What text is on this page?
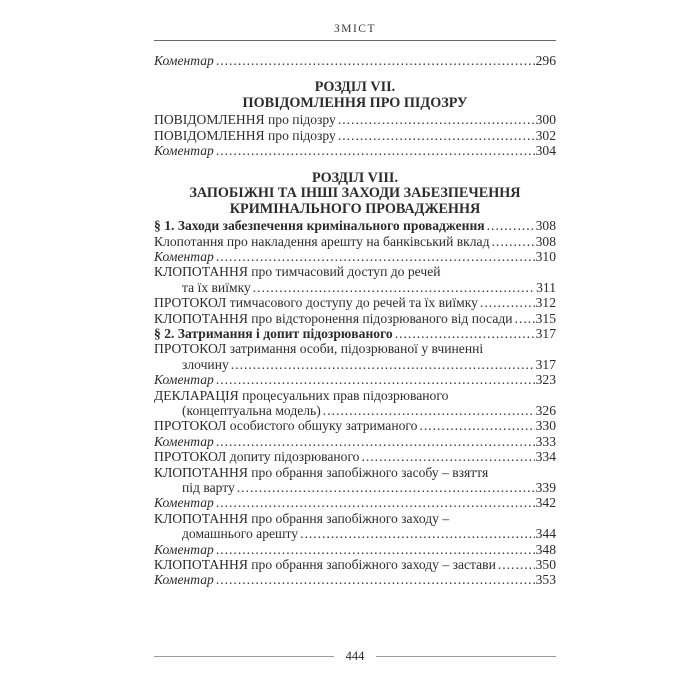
ЗМІСТ
Коментар .....	296
РОЗДІЛ VII.
ПОВІДОМЛЕННЯ ПРО ПІДОЗРУ
ПОВІДОМЛЕННЯ про підозру .....	300
ПОВІДОМЛЕННЯ про підозру .....	302
Коментар .....	304
РОЗДІЛ VIII.
ЗАПОБІЖНІ ТА ІНШІ ЗАХОДИ ЗАБЕЗПЕЧЕННЯ
КРИМІНАЛЬНОГО ПРОВАДЖЕННЯ
§ 1. Заходи забезпечення кримінального провадження .....	308
Клопотання про накладення арешту на банківський вклад .....	308
Коментар .....	310
КЛОПОТАННЯ про тимчасовий доступ до речей
та їх виїмку .....	311
ПРОТОКОЛ тимчасового доступу до речей та їх виїмку .....	312
КЛОПОТАННЯ про відсторонення підозрюваного від посади ..... 315
§ 2. Затримання і допит підозрюваного .....	317
ПРОТОКОЛ затримання особи, підозрюваної у вчиненні
злочину .....	317
Коментар .....	323
ДЕКЛАРАЦІЯ процесуальних прав підозрюваного
(концептуальна модель) .....	326
ПРОТОКОЛ особистого обшуку затриманого .....	330
Коментар .....	333
ПРОТОКОЛ допиту підозрюваного .....	334
КЛОПОТАННЯ про обрання запобіжного засобу – взяття
під варту .....	339
Коментар .....	342
КЛОПОТАННЯ про обрання запобіжного заходу –
домашнього арешту .....	344
Коментар .....	348
КЛОПОТАННЯ про обрання запобіжного заходу – застави .....	350
Коментар .....	353
444
